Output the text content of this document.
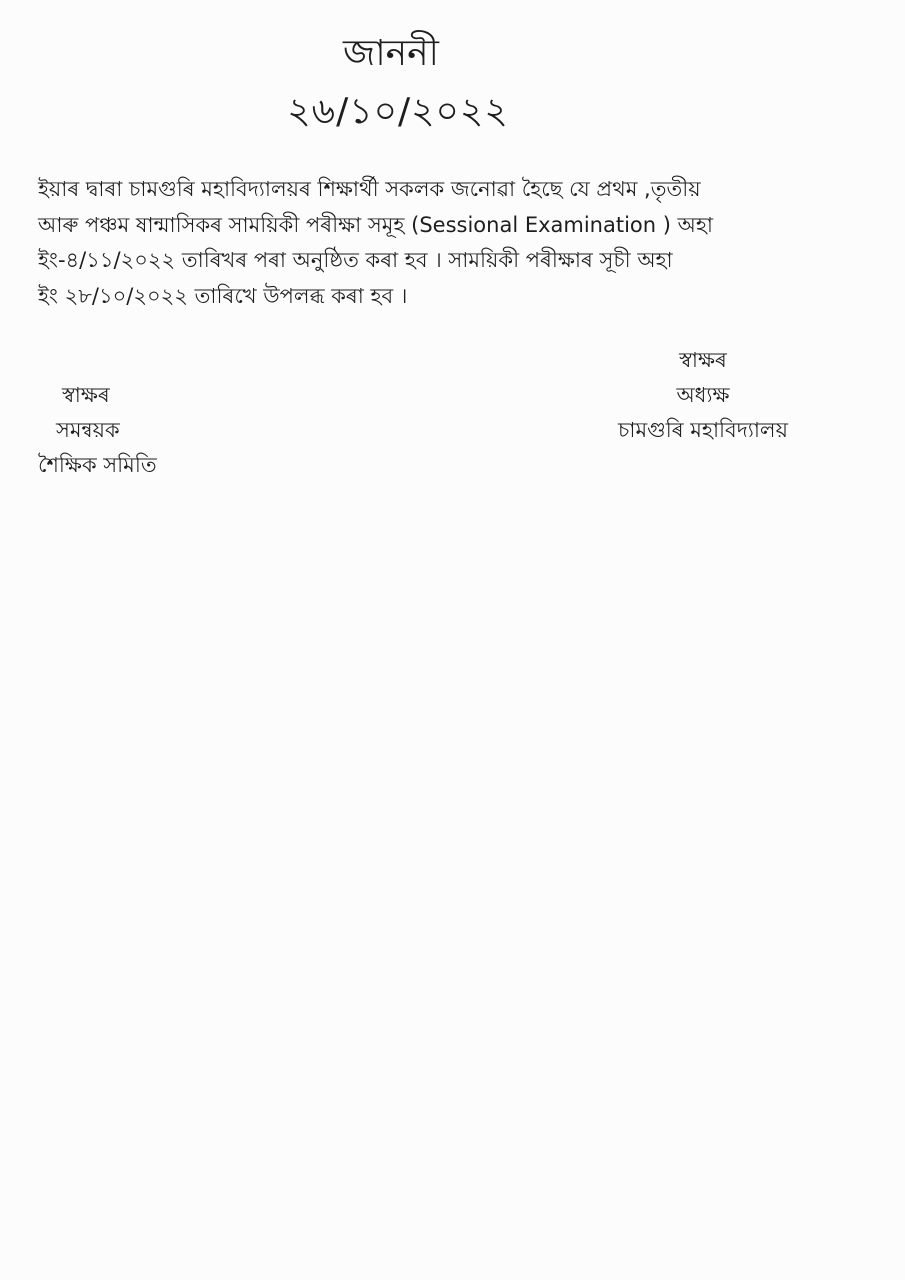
জাননী
২৬/১০/২০২২

ইয়াৰ দ্বাৰা চামগুৰি মহাবিদ্যালয়ৰ শিক্ষাৰ্থী সকলক জনোৱা হৈছে যে প্ৰথম ,তৃতীয়
আৰু পঞ্চম ষান্মাসিকৰ সাময়িকী পৰীক্ষা সমূহ (Sessional Examination ) অহা
ইং-৪/১১/২০২২ তাৰিখৰ পৰা অনুষ্ঠিত কৰা হব । সাময়িকী পৰীক্ষাৰ সূচী অহা
ইং ২৮/১০/২০২২ তাৰিখে উপলব্ধ কৰা হব ।

স্বাক্ষৰ
সমন্বয়ক
শৈক্ষিক সমিতি
স্বাক্ষৰ
অধ্যক্ষ
চামগুৰি মহাবিদ্যালয়
